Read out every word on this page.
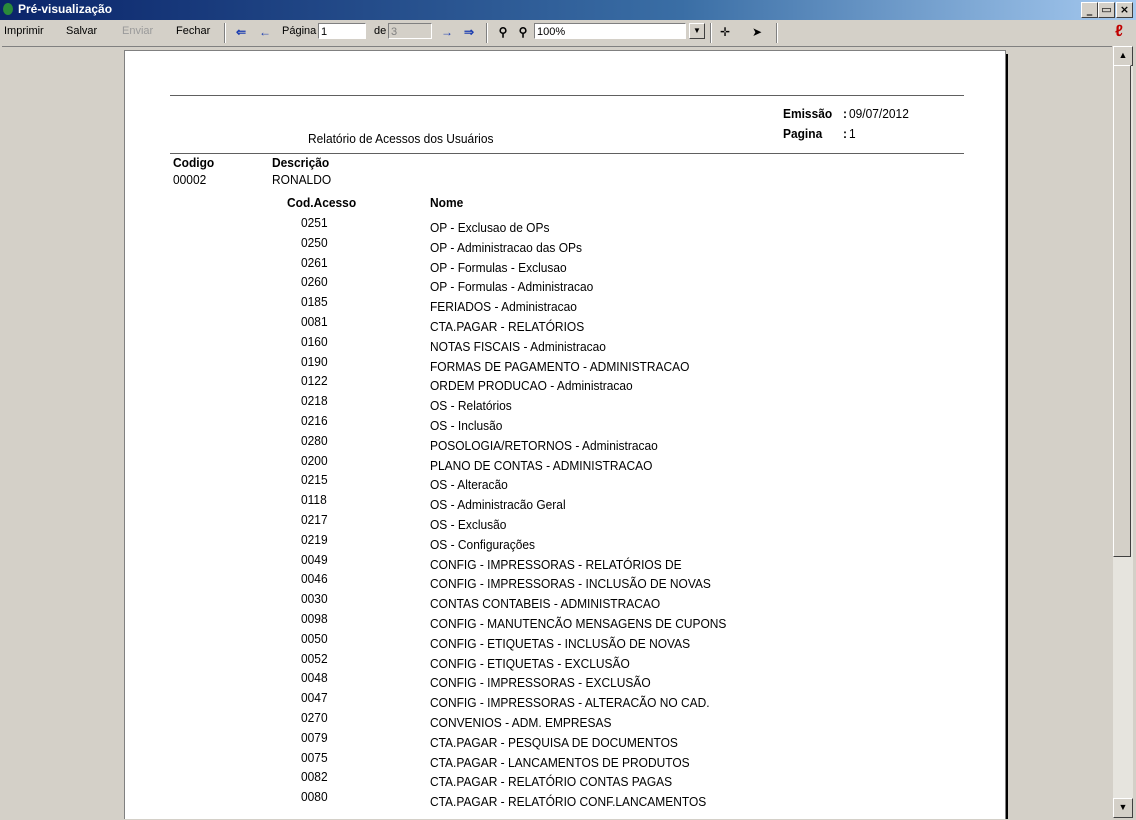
Pré-visualização	_ ▭ ×
Imprimir Salvar Enviar Fechar	⇐	← Página 1	de 3	→ ⇒	⚲ ⚲ 100%	▼	✛	➤	ℓ
Emissão : 09/07/2012
Pagina : 1
Relatório de Acessos dos Usuários
Codigo	Descrição
00002	RONALDO
Cod.Acesso	Nome
0251	OP - Exclusao de OPs
0250	OP - Administracao das OPs
0261	OP - Formulas - Exclusao
0260	OP - Formulas - Administracao
0185	FERIADOS - Administracao
0081	CTA.PAGAR - RELATÓRIOS
0160	NOTAS FISCAIS - Administracao
0190	FORMAS DE PAGAMENTO - ADMINISTRACAO
0122	ORDEM PRODUCAO - Administracao
0218	OS - Relatórios
0216	OS - Inclusão
0280	POSOLOGIA/RETORNOS - Administracao
0200	PLANO DE CONTAS - ADMINISTRACAO
0215	OS - Alteracão
0118	OS - Administracão Geral
0217	OS - Exclusão
0219	OS - Configurações
0049	CONFIG - IMPRESSORAS - RELATÓRIOS DE
0046	CONFIG - IMPRESSORAS - INCLUSÃO DE NOVAS
0030	CONTAS CONTABEIS - ADMINISTRACAO
0098	CONFIG - MANUTENCÃO MENSAGENS DE CUPONS
0050	CONFIG - ETIQUETAS - INCLUSÃO DE NOVAS
0052	CONFIG - ETIQUETAS - EXCLUSÃO
0048	CONFIG - IMPRESSORAS - EXCLUSÃO
0047	CONFIG - IMPRESSORAS - ALTERACÃO NO CAD.
0270	CONVENIOS - ADM. EMPRESAS
0079	CTA.PAGAR - PESQUISA DE DOCUMENTOS
0075	CTA.PAGAR - LANCAMENTOS DE PRODUTOS
0082	CTA.PAGAR - RELATÓRIO CONTAS PAGAS
0080	CTA.PAGAR - RELATÓRIO CONF.LANCAMENTOS
▲
▼
